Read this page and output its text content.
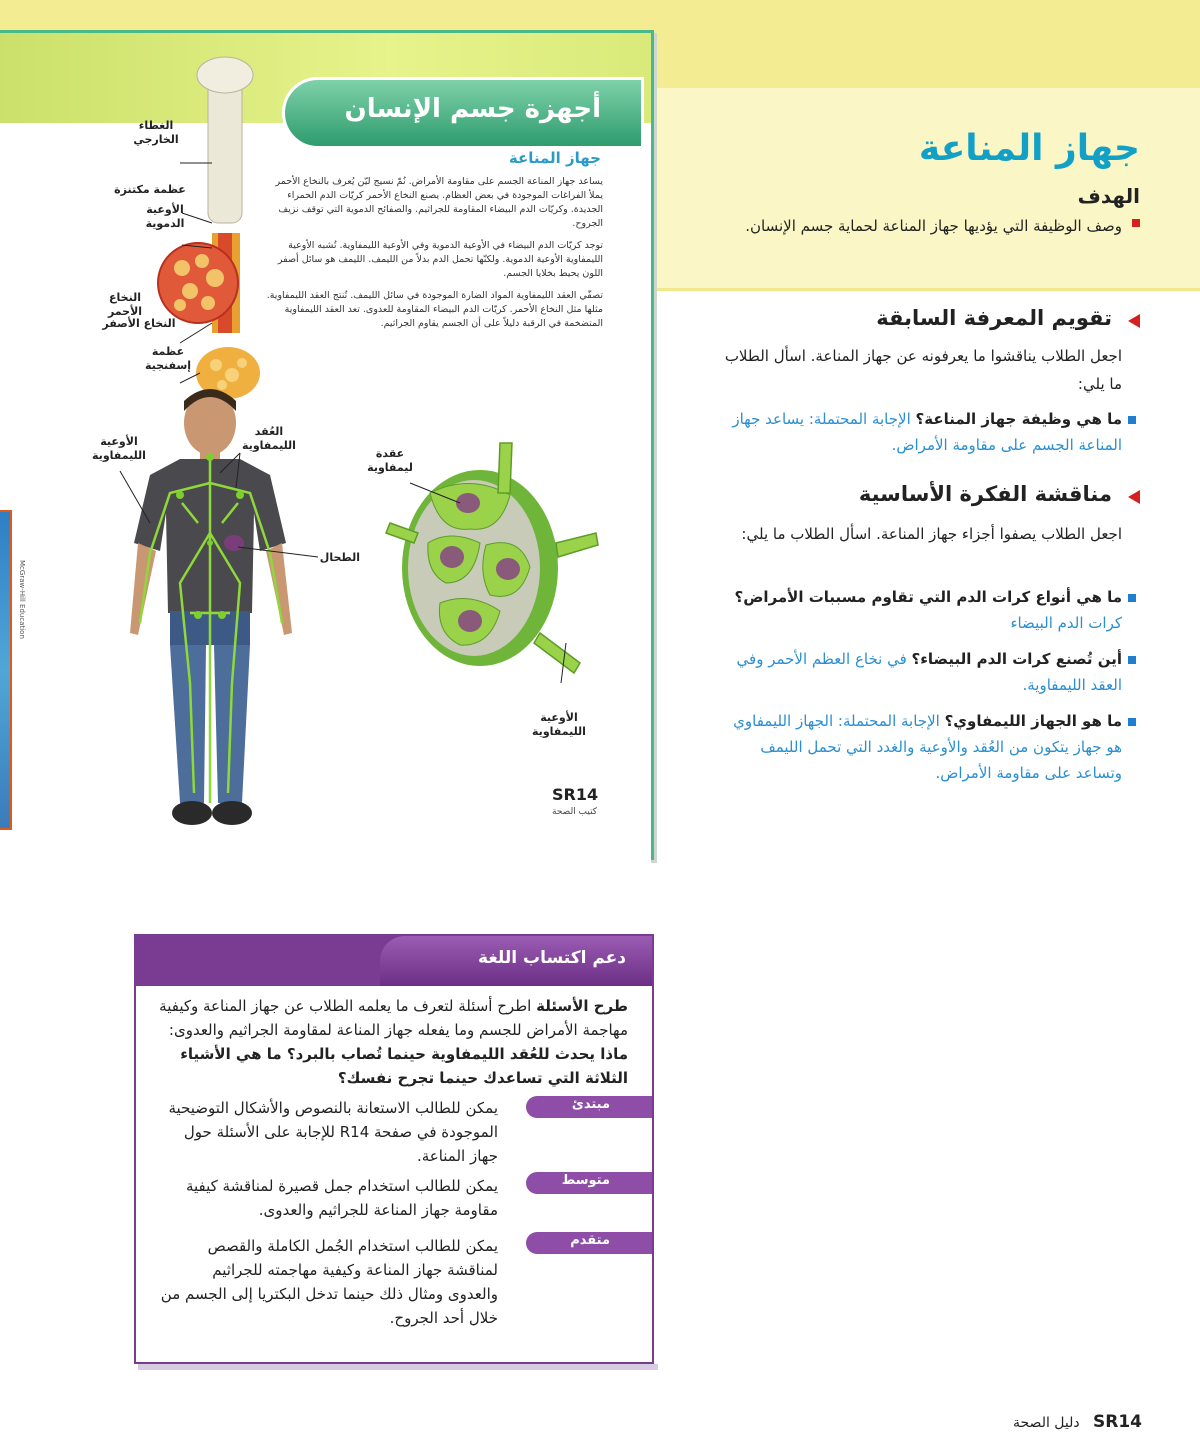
جهاز المناعة
الهدف
وصف الوظيفة التي يؤديها جهاز المناعة لحماية جسم الإنسان.
أجهزة جسم الإنسان
الغطاء الخارجي
عظمة مكتنزة
الأوعية الدموية
النخاع الأحمر
النخاع الأصفر
عظمة إسفنجية
جهاز المناعة
يساعد جهاز المناعة الجسم على مقاومة الأمراض. نُمّ نسيج ليّن يُعرف بالنخاع الأحمر يملأ الفراغات الموجودة في بعض العظام. يصنع النخاع الأحمر كريّات الدم الحمراء الجديدة. وكريّات الدم البيضاء المقاومة للجراثيم. والصفائح الدموية التي توقف نزيف الجروح.
توجد كريّات الدم البيضاء في الأوعية الدموية وفي الأوعية الليمفاوية. تُشبه الأوعية الليمفاوية الأوعية الدموية. ولكنّها تحمل الدم بدلاً من الليمف. الليمف هو سائل أصفر اللون يحيط بخلايا الجسم.
تصفّي العقد الليمفاوية المواد الضارة الموجودة في سائل الليمف. تُنتج العقد الليمفاوية. مثلها مثل النخاع الأحمر. كريّات الدم البيضاء المقاومة للعدوى. تعد العقد الليمفاوية المتضخمة في الرقبة دليلاً على أن الجسم يقاوم الجراثيم.
الأوعية الليمفاوية
العُقد الليمفاوية
الطحال
عقدة ليمفاوية
الأوعية الليمفاوية
SR14
كتيب الصحة
McGraw-Hill Education
تقويم المعرفة السابقة
اجعل الطلاب يناقشوا ما يعرفونه عن جهاز المناعة. اسأل الطلاب ما يلي:
ما هي وظيفة جهاز المناعة؟ الإجابة المحتملة: يساعد جهاز المناعة الجسم على مقاومة الأمراض.
مناقشة الفكرة الأساسية
اجعل الطلاب يصفوا أجزاء جهاز المناعة. اسأل الطلاب ما يلي:
ما هي أنواع كرات الدم التي تقاوم مسببات الأمراض؟
كرات الدم البيضاء
أين تُصنع كرات الدم البيضاء؟ في نخاع العظم الأحمر وفي العقد الليمفاوية.
ما هو الجهاز الليمفاوي؟ الإجابة المحتملة: الجهاز الليمفاوي هو جهاز يتكون من العُقد والأوعية والغدد التي تحمل الليمف وتساعد على مقاومة الأمراض.
دعم اكتساب اللغة
طرح الأسئلة اطرح أسئلة لتعرف ما يعلمه الطلاب عن جهاز المناعة وكيفية مهاجمة الأمراض للجسم وما يفعله جهاز المناعة لمقاومة الجراثيم والعدوى: ماذا يحدث للعُقد الليمفاوية حينما تُصاب بالبرد؟ ما هي الأشياء الثلاثة التي تساعدك حينما تجرح نفسك؟
مبتدئ
يمكن للطالب الاستعانة بالنصوص والأشكال التوضيحية الموجودة في صفحة R14 للإجابة على الأسئلة حول جهاز المناعة.
متوسط
يمكن للطالب استخدام جمل قصيرة لمناقشة كيفية مقاومة جهاز المناعة للجراثيم والعدوى.
متقدم
يمكن للطالب استخدام الجُمل الكاملة والقصص لمناقشة جهاز المناعة وكيفية مهاجمته للجراثيم والعدوى ومثال ذلك حينما تدخل البكتريا إلى الجسم من خلال أحد الجروح.
SR14   دليل الصحة
